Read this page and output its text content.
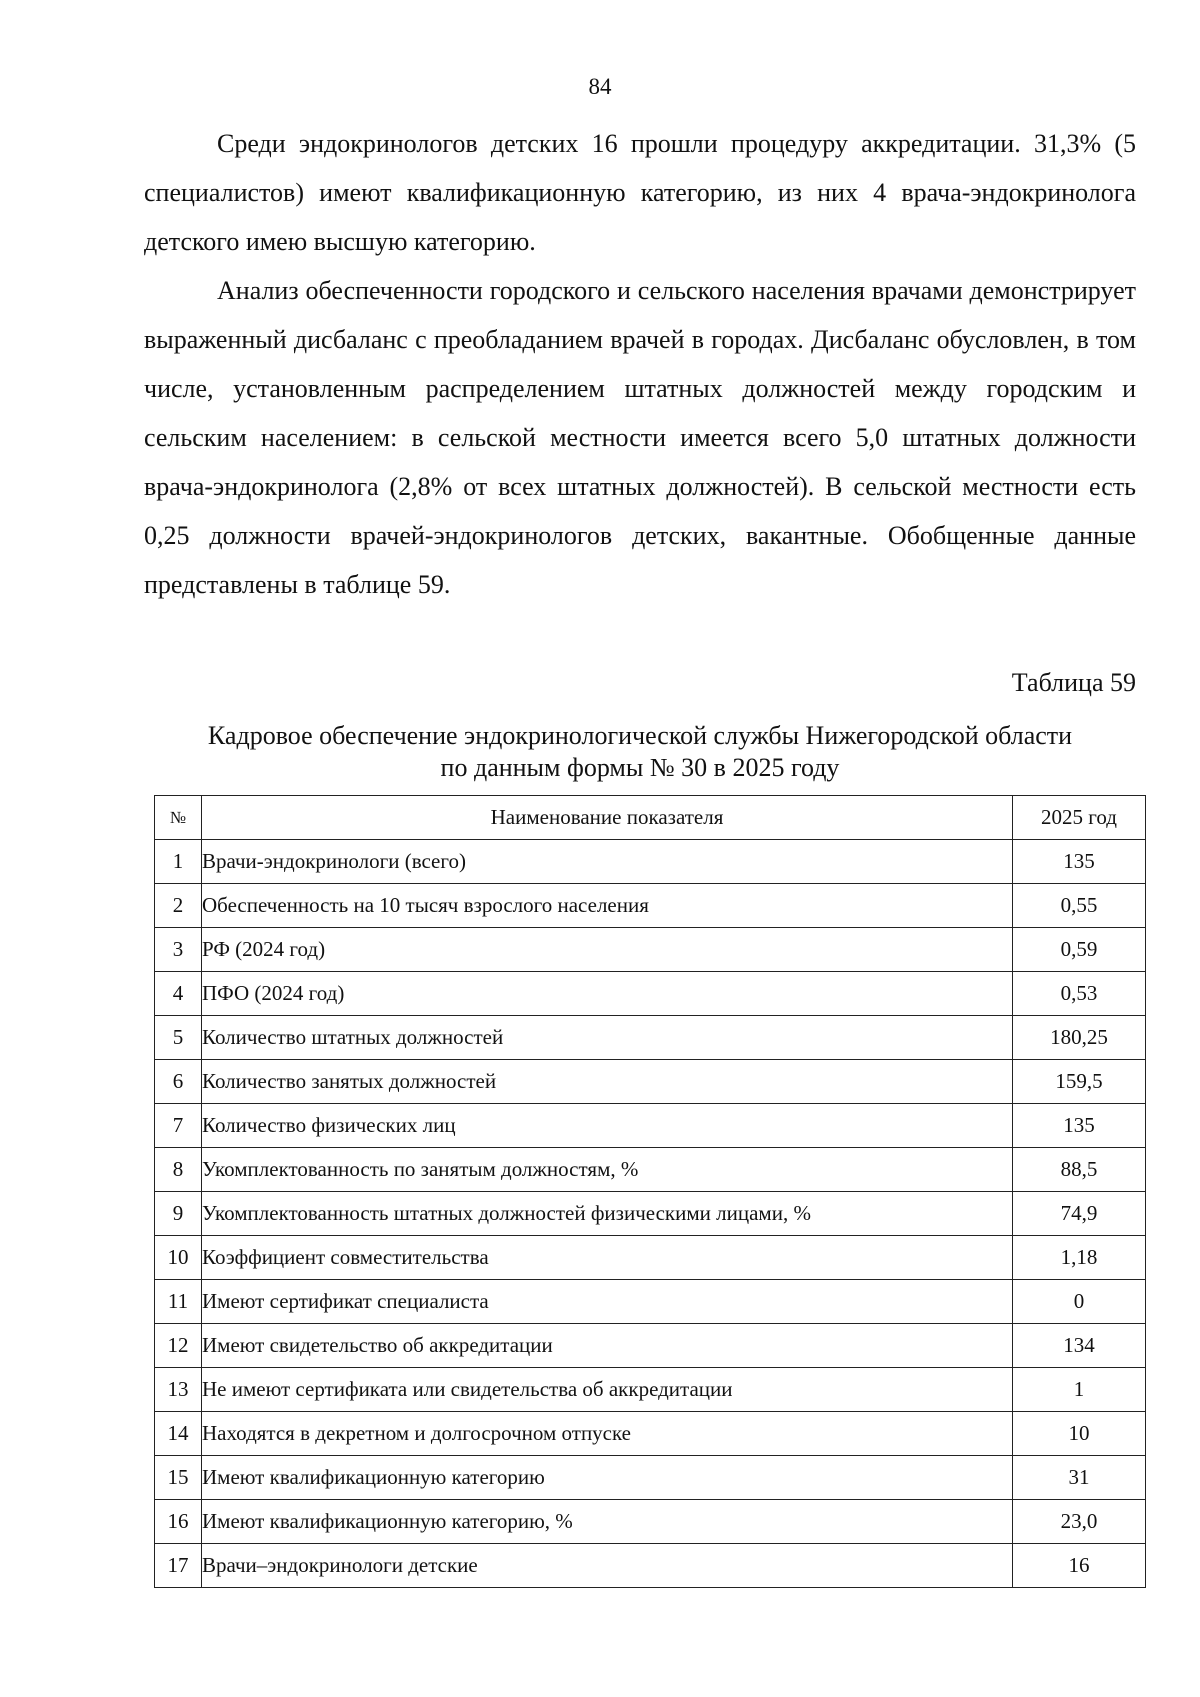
84

Среди эндокринологов детских 16 прошли процедуру аккредитации. 31,3% (5 специалистов) имеют квалификационную категорию, из них 4 врача-эндокринолога детского имею высшую категорию.

Анализ обеспеченности городского и сельского населения врачами демонстрирует выраженный дисбаланс с преобладанием врачей в городах. Дисбаланс обусловлен, в том числе, установленным распределением штатных должностей между городским и сельским населением: в сельской местности имеется всего 5,0 штатных должности врача-эндокринолога (2,8% от всех штатных должностей). В сельской местности есть 0,25 должности врачей-эндокринологов детских, вакантные. Обобщенные данные представлены в таблице 59.

Таблица 59
Кадровое обеспечение эндокринологической службы Нижегородской области
по данным формы № 30 в 2025 году
№	Наименование показателя	2025 год
1	Врачи-эндокринологи (всего)	135
2	Обеспеченность на 10 тысяч взрослого населения	0,55
3	РФ (2024 год)	0,59
4	ПФО (2024 год)	0,53
5	Количество штатных должностей	180,25
6	Количество занятых должностей	159,5
7	Количество физических лиц	135
8	Укомплектованность по занятым должностям, %	88,5
9	Укомплектованность штатных должностей физическими лицами, %	74,9
10	Коэффициент совместительства	1,18
11	Имеют сертификат специалиста	0
12	Имеют свидетельство об аккредитации	134
13	Не имеют сертификата или свидетельства об аккредитации	1
14	Находятся в декретном и долгосрочном отпуске	10
15	Имеют квалификационную категорию	31
16	Имеют квалификационную категорию, %	23,0
17	Врачи–эндокринологи детские	16
